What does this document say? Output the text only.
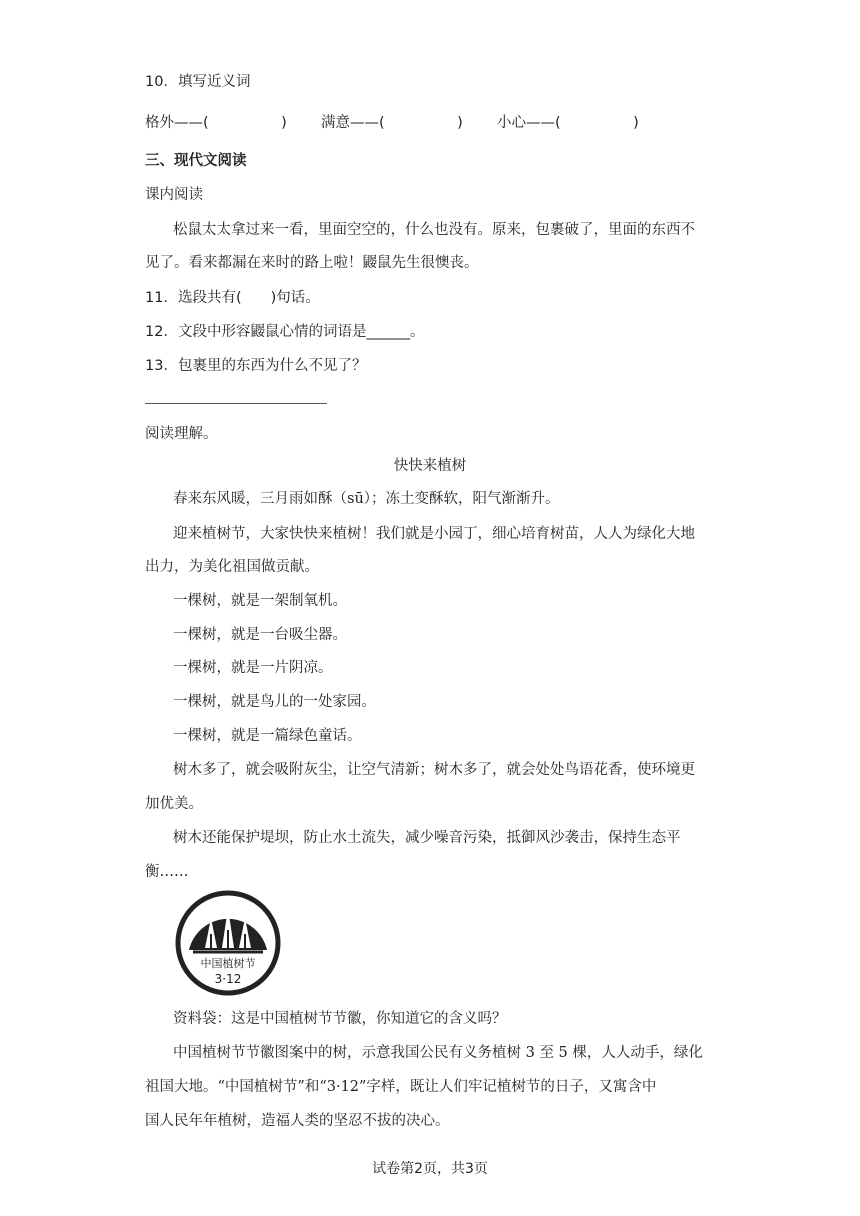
10．填写近义词
格外——(　　　　　) 满意——(　　　　　) 小心——(　　　　　)
三、现代文阅读
课内阅读
松鼠太太拿过来一看，里面空空的，什么也没有。原来，包裹破了，里面的东西不
见了。看来都漏在来时的路上啦！鼹鼠先生很懊丧。
11．选段共有(　　)句话。
12．文段中形容鼹鼠心情的词语是______。
13．包裹里的东西为什么不见了？
阅读理解。
快快来植树
春来东风暖，三月雨如酥（sū）；冻土变酥软，阳气渐渐升。
迎来植树节，大家快快来植树！我们就是小园丁，细心培育树苗，人人为绿化大地
出力，为美化祖国做贡献。
一棵树，就是一架制氧机。
一棵树，就是一台吸尘器。
一棵树，就是一片阴凉。
一棵树，就是鸟儿的一处家园。
一棵树，就是一篇绿色童话。
树木多了，就会吸附灰尘，让空气清新；树木多了，就会处处鸟语花香，使环境更
加优美。
树木还能保护堤坝，防止水土流失，减少噪音污染，抵御风沙袭击，保持生态平
衡……
中国植树节
3·12
资料袋：这是中国植树节节徽，你知道它的含义吗？
中国植树节节徽图案中的树，示意我国公民有义务植树 3 至 5 棵，人人动手，绿化
祖国大地。“中国植树节”和“3·12”字样，既让人们牢记植树节的日子，又寓含中
国人民年年植树，造福人类的坚忍不拔的决心。
试卷第2页，共3页
